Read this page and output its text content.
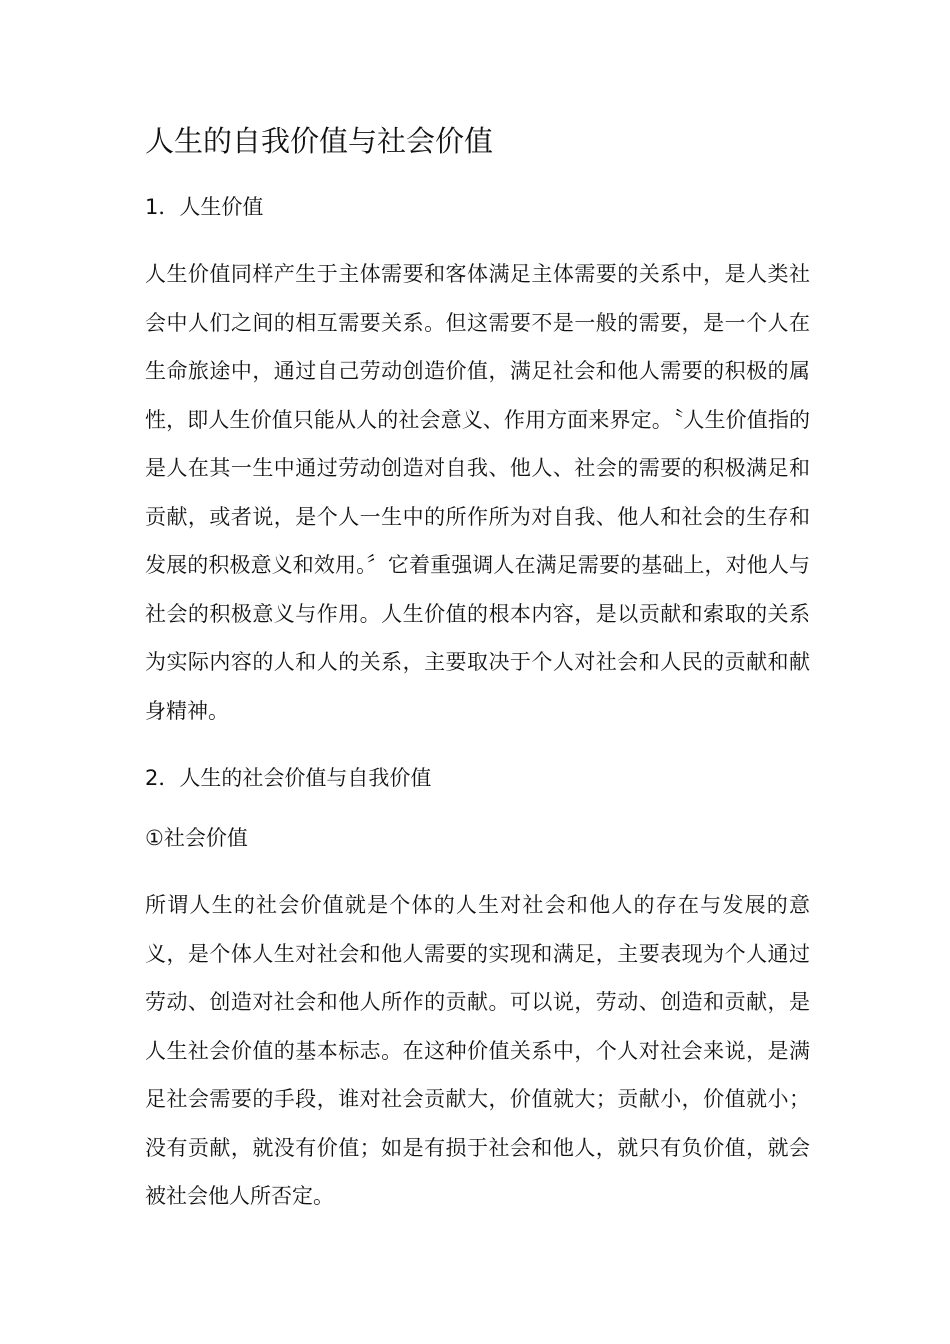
人生的自我价值与社会价值
1．人生价值

人生价值同样产生于主体需要和客体满足主体需要的关系中，是人类社会中人们之间的相互需要关系。但这需要不是一般的需要，是一个人在生命旅途中，通过自己劳动创造价值，满足社会和他人需要的积极的属性，即人生价值只能从人的社会意义、作用方面来界定。〝人生价值指的是人在其一生中通过劳动创造对自我、他人、社会的需要的积极满足和贡献，或者说，是个人一生中的所作所为对自我、他人和社会的生存和发展的积极意义和效用。〞它着重强调人在满足需要的基础上，对他人与社会的积极意义与作用。人生价值的根本内容，是以贡献和索取的关系为实际内容的人和人的关系，主要取决于个人对社会和人民的贡献和献身精神。

2．人生的社会价值与自我价值
①社会价值

所谓人生的社会价值就是个体的人生对社会和他人的存在与发展的意义，是个体人生对社会和他人需要的实现和满足，主要表现为个人通过劳动、创造对社会和他人所作的贡献。可以说，劳动、创造和贡献，是人生社会价值的基本标志。在这种价值关系中，个人对社会来说，是满足社会需要的手段，谁对社会贡献大，价值就大；贡献小，价值就小；没有贡献，就没有价值；如是有损于社会和他人，就只有负价值，就会被社会他人所否定。
